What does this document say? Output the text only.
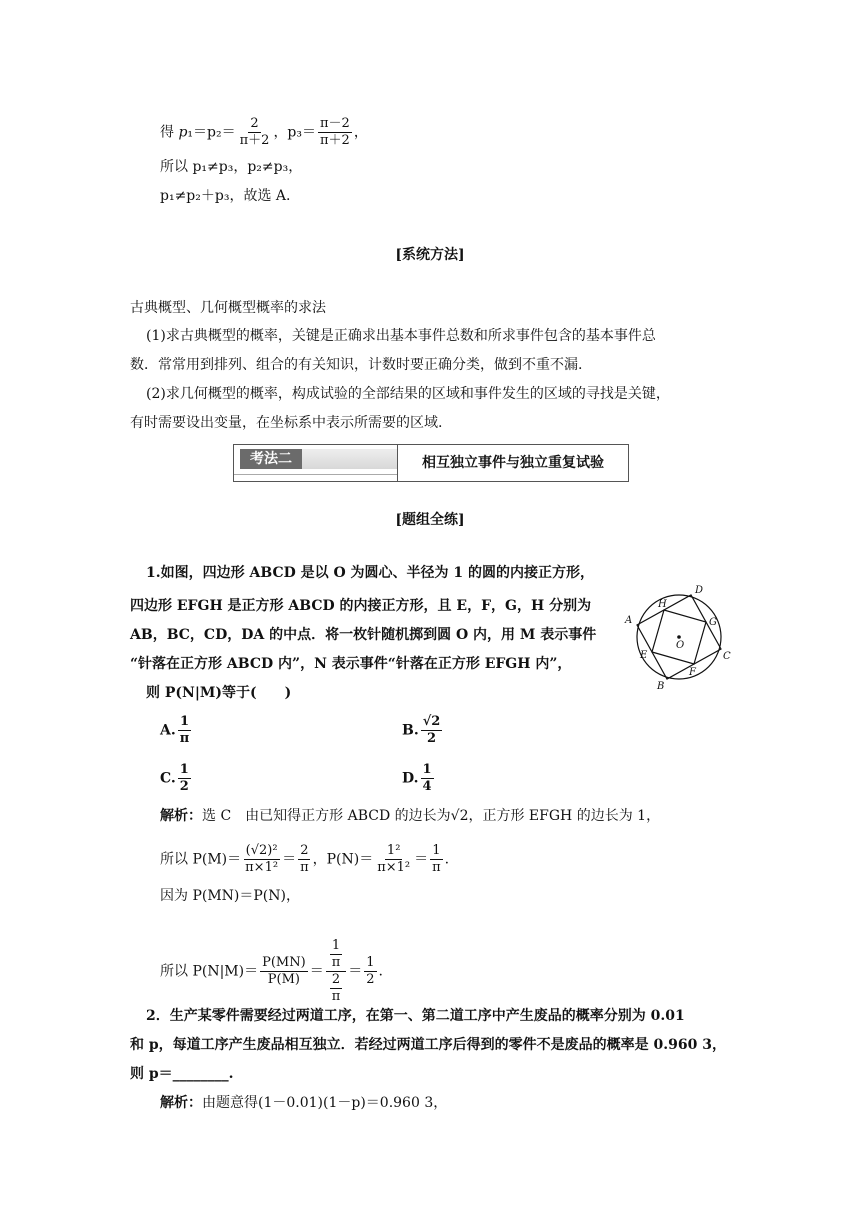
得 $p_1=p_2= \frac{2}{\pi+2}$ ，$p_3= \frac{\pi-2}{\pi+2}$ ，
所以 p₁≠p₃，p₂≠p₃，
p₁≠p₂＋p₃，故选 A.
[系统方法]
古典概型、几何概型概率的求法
(1)求古典概型的概率，关键是正确求出基本事件总数和所求事件包含的基本事件总
数．常常用到排列、组合的有关知识，计数时要正确分类，做到不重不漏.
(2)求几何概型的概率，构成试验的全部结果的区域和事件发生的区域的寻找是关键，
有时需要设出变量，在坐标系中表示所需要的区域.
考法二	相互独立事件与独立重复试验
[题组全练]
1.如图，四边形 ABCD 是以 O 为圆心、半径为 1 的圆的内接正方形，
四边形 EFGH 是正方形 ABCD 的内接正方形，且 E，F，G，H 分别为
AB，BC，CD，DA 的中点．将一枚针随机掷到圆 O 内，用 M 表示事件
“针落在正方形 ABCD 内”，N 表示事件“针落在正方形 EFGH 内”，
则 P(N|M)等于(　　)
A
B
C
D
E
F
G
H
O
A. $\frac{1}{\pi}$	B. $\frac{√2}{2}$
C. $\frac{1}{2}$	D. $\frac{1}{4}$
解析：选 C　由已知得正方形 ABCD 的边长为√2，正方形 EFGH 的边长为 1，
所以 $P(M)= \frac{\text{(√2)²}}{\text{π×1²}} = \frac{2}{\pi}$ ，$P(N)= \frac{\text{1²}}{\text{π×1²}} = \frac{1}{\pi}$ .
因为 P(MN)＝P(N)，
所以 $P(N|M)= \frac{P(MN)}{P(M)} = \frac{\frac{1}{\pi}}{\frac{2}{\pi}} = \frac{1}{2}$ .
2．生产某零件需要经过两道工序，在第一、第二道工序中产生废品的概率分别为 0.01
和 p，每道工序产生废品相互独立．若经过两道工序后得到的零件不是废品的概率是 0.960 3，
则 p＝________.
解析：由题意得(1－0.01)(1－p)＝0.960 3，
